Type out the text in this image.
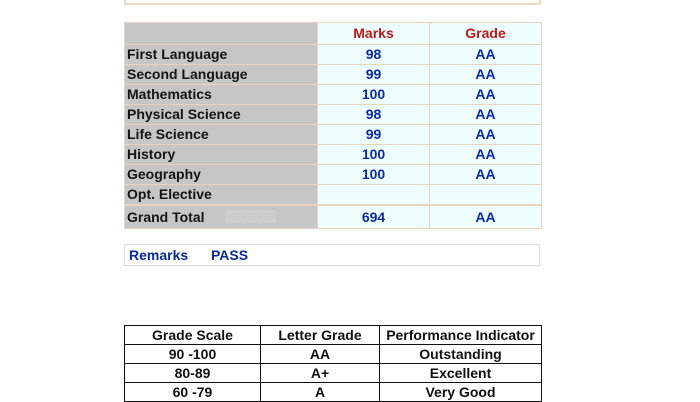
	Marks	Grade
First Language	98	AA
Second Language	99	AA
Mathematics	100	AA
Physical Science	98	AA
Life Science	99	AA
History	100	AA
Geography	100	AA
Opt. Elective		
Grand Total ▒▒▒▒▒▒	694	AA
Remarks PASS
Grade Scale	Letter Grade	Performance Indicator
90 -100	AA	Outstanding
80-89	A+	Excellent
60 -79	A	Very Good
